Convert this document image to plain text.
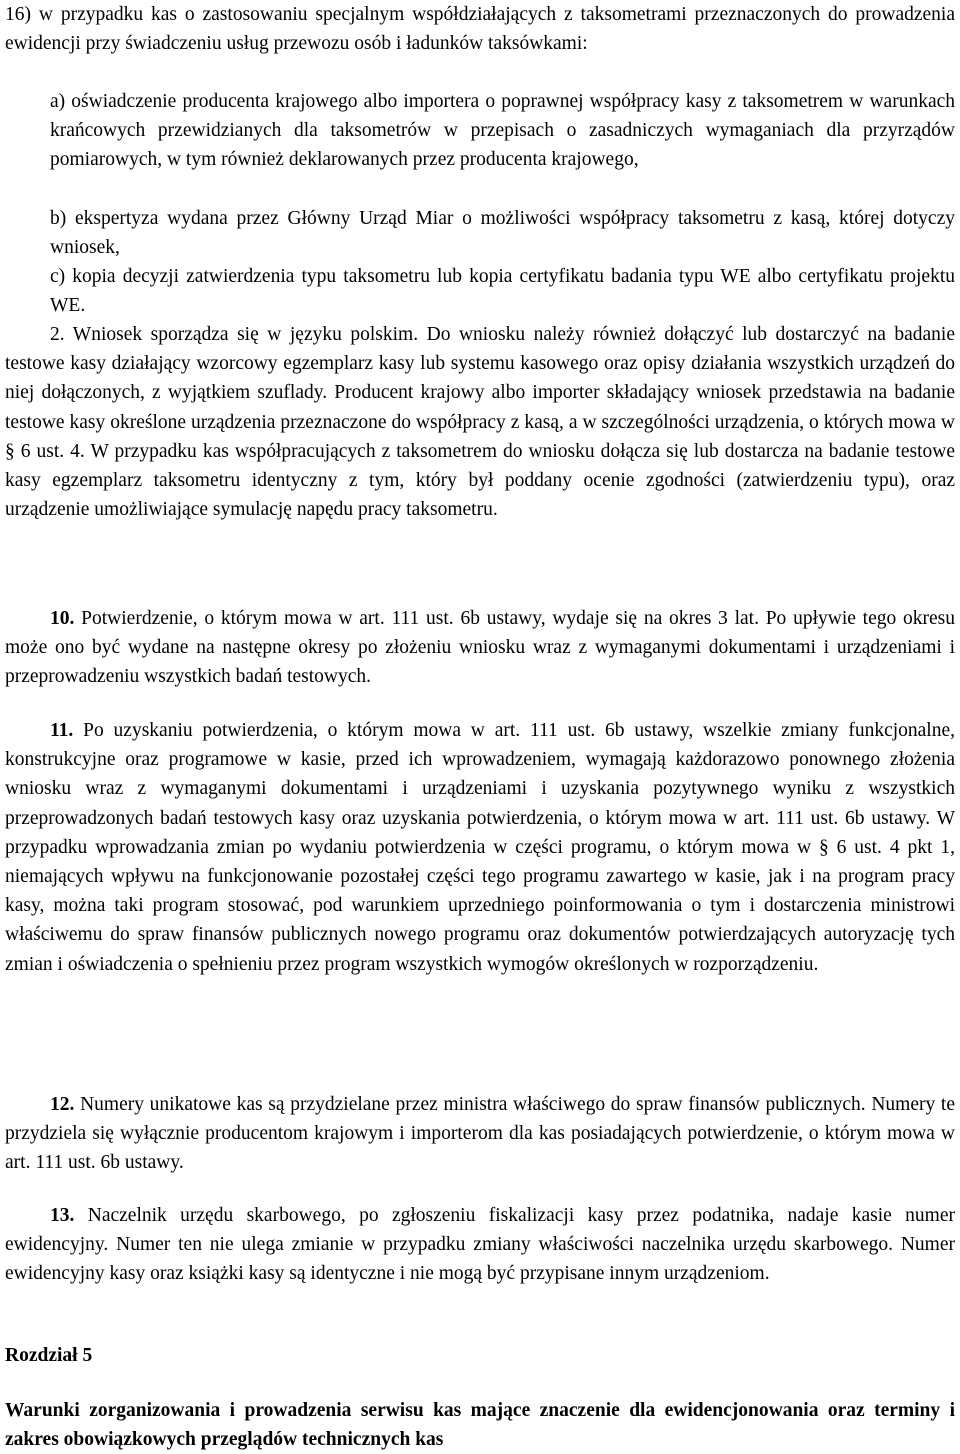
16) w przypadku kas o zastosowaniu specjalnym współdziałających z taksometrami przeznaczonych do prowadzenia ewidencji przy świadczeniu usług przewozu osób i ładunków taksówkami:

a) oświadczenie producenta krajowego albo importera o poprawnej współpracy kasy z taksometrem w warunkach krańcowych przewidzianych dla taksometrów w przepisach o zasadniczych wymaganiach dla przyrządów pomiarowych, w tym również deklarowanych przez producenta krajowego,

b) ekspertyza wydana przez Główny Urząd Miar o możliwości współpracy taksometru z kasą, której dotyczy wniosek,

c) kopia decyzji zatwierdzenia typu taksometru lub kopia certyfikatu badania typu WE albo certyfikatu projektu WE.

2. Wniosek sporządza się w języku polskim. Do wniosku należy również dołączyć lub dostarczyć na badanie testowe kasy działający wzorcowy egzemplarz kasy lub systemu kasowego oraz opisy działania wszystkich urządzeń do niej dołączonych, z wyjątkiem szuflady. Producent krajowy albo importer składający wniosek przedstawia na badanie testowe kasy określone urządzenia przeznaczone do współpracy z kasą, a w szczególności urządzenia, o których mowa w § 6 ust. 4. W przypadku kas współpracujących z taksometrem do wniosku dołącza się lub dostarcza na badanie testowe kasy egzemplarz taksometru identyczny z tym, który był poddany ocenie zgodności (zatwierdzeniu typu), oraz urządzenie umożliwiające symulację napędu pracy taksometru.

10. Potwierdzenie, o którym mowa w art. 111 ust. 6b ustawy, wydaje się na okres 3 lat. Po upływie tego okresu może ono być wydane na następne okresy po złożeniu wniosku wraz z wymaganymi dokumentami i urządzeniami i przeprowadzeniu wszystkich badań testowych.

11. Po uzyskaniu potwierdzenia, o którym mowa w art. 111 ust. 6b ustawy, wszelkie zmiany funkcjonalne, konstrukcyjne oraz programowe w kasie, przed ich wprowadzeniem, wymagają każdorazowo ponownego złożenia wniosku wraz z wymaganymi dokumentami i urządzeniami i uzyskania pozytywnego wyniku z wszystkich przeprowadzonych badań testowych kasy oraz uzyskania potwierdzenia, o którym mowa w art. 111 ust. 6b ustawy. W przypadku wprowadzania zmian po wydaniu potwierdzenia w części programu, o którym mowa w § 6 ust. 4 pkt 1, niemających wpływu na funkcjonowanie pozostałej części tego programu zawartego w kasie, jak i na program pracy kasy, można taki program stosować, pod warunkiem uprzedniego poinformowania o tym i dostarczenia ministrowi właściwemu do spraw finansów publicznych nowego programu oraz dokumentów potwierdzających autoryzację tych zmian i oświadczenia o spełnieniu przez program wszystkich wymogów określonych w rozporządzeniu.

12. Numery unikatowe kas są przydzielane przez ministra właściwego do spraw finansów publicznych. Numery te przydziela się wyłącznie producentom krajowym i importerom dla kas posiadających potwierdzenie, o którym mowa w art. 111 ust. 6b ustawy.

13. Naczelnik urzędu skarbowego, po zgłoszeniu fiskalizacji kasy przez podatnika, nadaje kasie numer ewidencyjny. Numer ten nie ulega zmianie w przypadku zmiany właściwości naczelnika urzędu skarbowego. Numer ewidencyjny kasy oraz książki kasy są identyczne i nie mogą być przypisane innym urządzeniom.

Rozdział 5

Warunki zorganizowania i prowadzenia serwisu kas mające znaczenie dla ewidencjonowania oraz terminy i zakres obowiązkowych przeglądów technicznych kas
